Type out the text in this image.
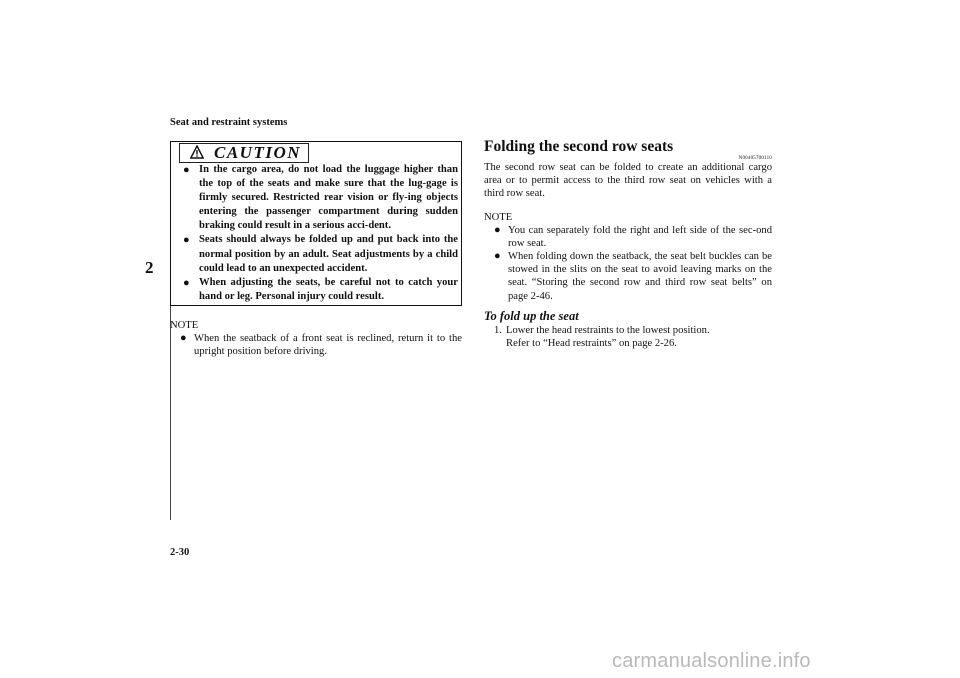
Seat and restraint systems
2
CAUTION
● In the cargo area, do not load the luggage higher than the top of the seats and make sure that the lug-gage is firmly secured. Restricted rear vision or fly-ing objects entering the passenger compartment during sudden braking could result in a serious acci-dent.
● Seats should always be folded up and put back into the normal position by an adult. Seat adjustments by a child could lead to an unexpected accident.
● When adjusting the seats, be careful not to catch your hand or leg. Personal injury could result.
NOTE
● When the seatback of a front seat is reclined, return it to the upright position before driving.
Folding the second row seats
N00405700110

The second row seat can be folded to create an additional cargo area or to permit access to the third row seat on vehicles with a third row seat.

NOTE
● You can separately fold the right and left side of the sec-ond row seat.
● When folding down the seatback, the seat belt buckles can be stowed in the slits on the seat to avoid leaving marks on the seat. “Storing the second row and third row seat belts” on page 2-46.
To fold up the seat
1. Lower the head restraints to the lowest position.
Refer to “Head restraints” on page 2-26.
2-30
carmanualsonline.info
